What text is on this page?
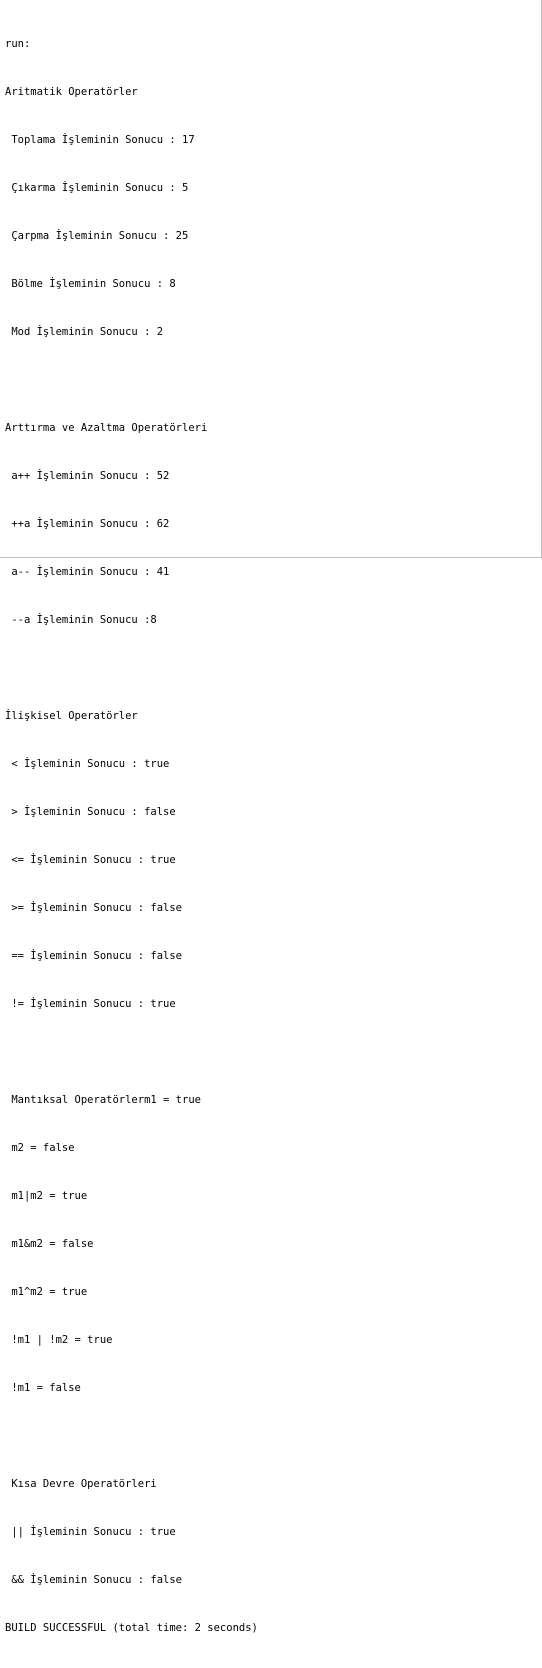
run:

Aritmatik Operatörler

Toplama İşleminin Sonucu : 17

Çıkarma İşleminin Sonucu : 5

Çarpma İşleminin Sonucu : 25

Bölme İşleminin Sonucu : 8

Mod İşleminin Sonucu : 2

Arttırma ve Azaltma Operatörleri

a++ İşleminin Sonucu : 52

++a İşleminin Sonucu : 62

a-- İşleminin Sonucu : 41

--a İşleminin Sonucu :8

İlişkisel Operatörler

< İşleminin Sonucu : true

> İşleminin Sonucu : false

<= İşleminin Sonucu : true

>= İşleminin Sonucu : false

== İşleminin Sonucu : false

!= İşleminin Sonucu : true

Mantıksal Operatörlerm1 = true

m2 = false

m1|m2 = true

m1&m2 = false

m1^m2 = true

!m1 | !m2 = true

!m1 = false

Kısa Devre Operatörleri

|| İşleminin Sonucu : true

&& İşleminin Sonucu : false

BUILD SUCCESSFUL (total time: 2 seconds)
